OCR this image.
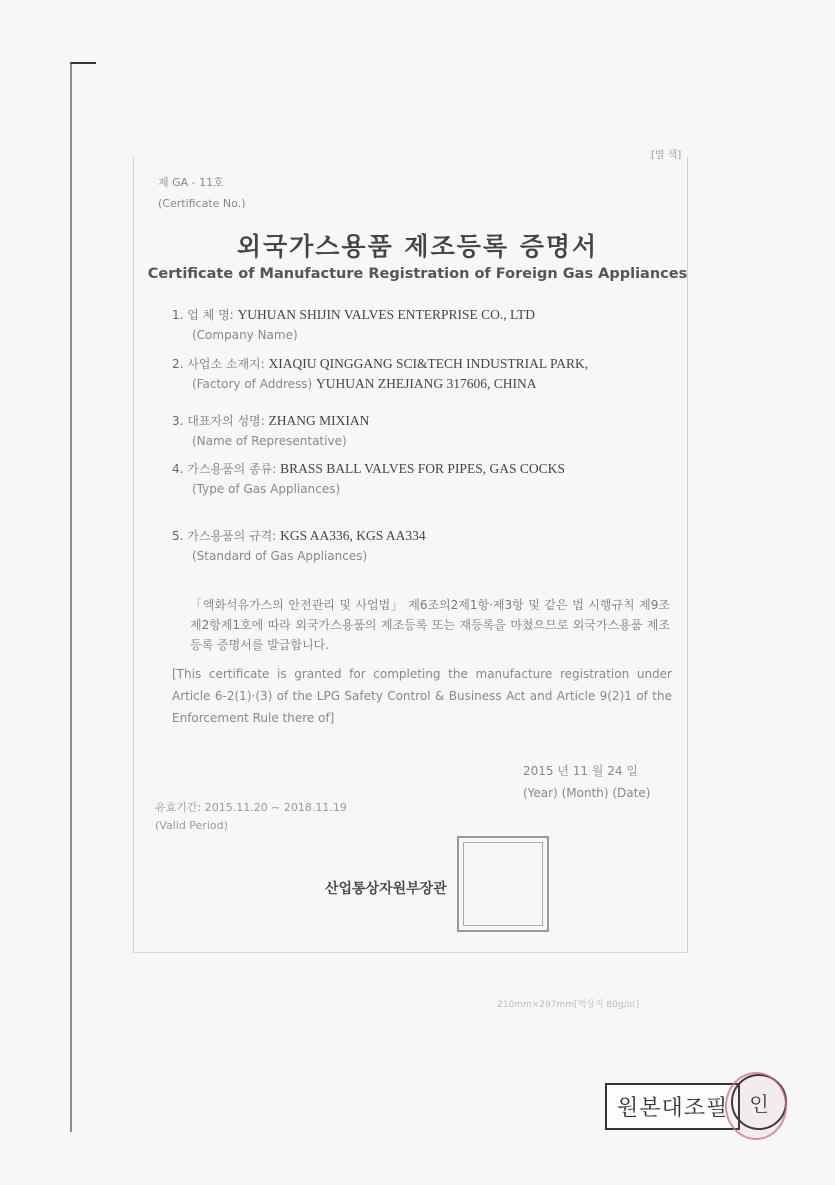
[별 색]
제 GA - 11호
(Certificate No.)
외국가스용품 제조등록 증명서
Certificate of Manufacture Registration of Foreign Gas Appliances
1. 업 체 명: YUHUAN SHIJIN VALVES ENTERPRISE CO., LTD
(Company Name)
2. 사업소 소재지: XIAQIU QINGGANG SCI&TECH INDUSTRIAL PARK,
(Factory of Address) YUHUAN ZHEJIANG 317606, CHINA
3. 대표자의 성명: ZHANG MIXIAN
(Name of Representative)
4. 가스용품의 종류: BRASS BALL VALVES FOR PIPES, GAS COCKS
(Type of Gas Appliances)
5. 가스용품의 규격: KGS AA336, KGS AA334
(Standard of Gas Appliances)
「액화석유가스의 안전관리 및 사업법」 제6조의2제1항·제3항 및 같은 법 시행규칙 제9조제2항제1호에 따라 외국가스용품의 제조등록 또는 재등록을 마쳤으므로 외국가스용품 제조등록 증명서를 발급합니다.
[This certificate is granted for completing the manufacture registration under Article 6-2(1)·(3) of the LPG Safety Control & Business Act and Article 9(2)1 of the Enforcement Rule there of]
2015 년 11 월 24 일
(Year) (Month) (Date)
유효기간: 2015.11.20 ~ 2018.11.19
(Valid Period)
산업통상자원부장관
210mm×297mm[백상지 80g/㎡]
원본대조필	인
